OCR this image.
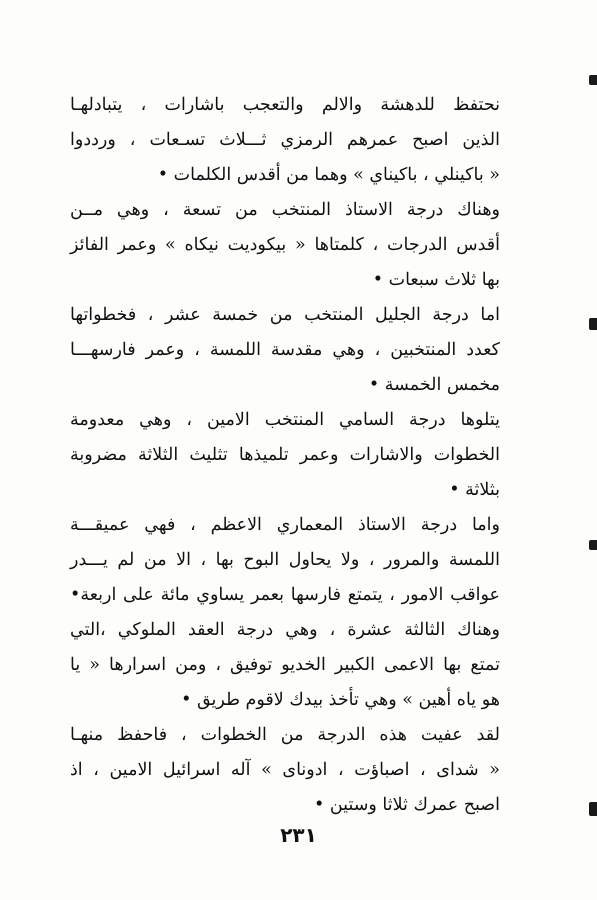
نحتفظ للدهشة والالم والتعجب باشارات ، يتبادلهـا
الذين اصبح عمرهم الرمزي ثـــلاث تسـعات ، ورددوا
« باكينلي ، باكيناي » وهما من أقدس الكلمات •
وهناك درجة الاستاذ المنتخب من تسعة ، وهي مــن
أقدس الدرجات ، كلمتاها « بيكوديت نيكاه » وعمر الفائز
بها ثلاث سبعات •
اما درجة الجليل المنتخب من خمسة عشر ، فخطواتها
كعدد المنتخبين ، وهي مقدسة اللمسة ، وعمر فارسهـــا
مخمس الخمسة •
يتلوها درجة السامي المنتخب الامين ، وهي معدومة
الخطوات والاشارات وعمر تلميذها تثليث الثلاثة مضروبة
بثلاثة •
واما درجة الاستاذ المعماري الاعظم ، فهي عميقـــة
اللمسة والمرور ، ولا يحاول البوح بها ، الا من لم يـــدر
عواقب الامور ، يتمتع فارسها بعمر يساوي مائة على اربعة•
وهناك الثالثة عشرة ، وهي درجة العقد الملوكي ،التي
تمتع بها الاعمى الكبير الخديو توفيق ، ومن اسرارها « يا
هو ياه أهين » وهي تأخذ بيدك لاقوم طريق •
لقد عفيت هذه الدرجة من الخطوات ، فاحفظ منهـا
« شداى ، اصباؤت ، ادوناى » آله اسرائيل الامين ، اذ
اصبح عمرك ثلاثا وستين •
٢٣١
